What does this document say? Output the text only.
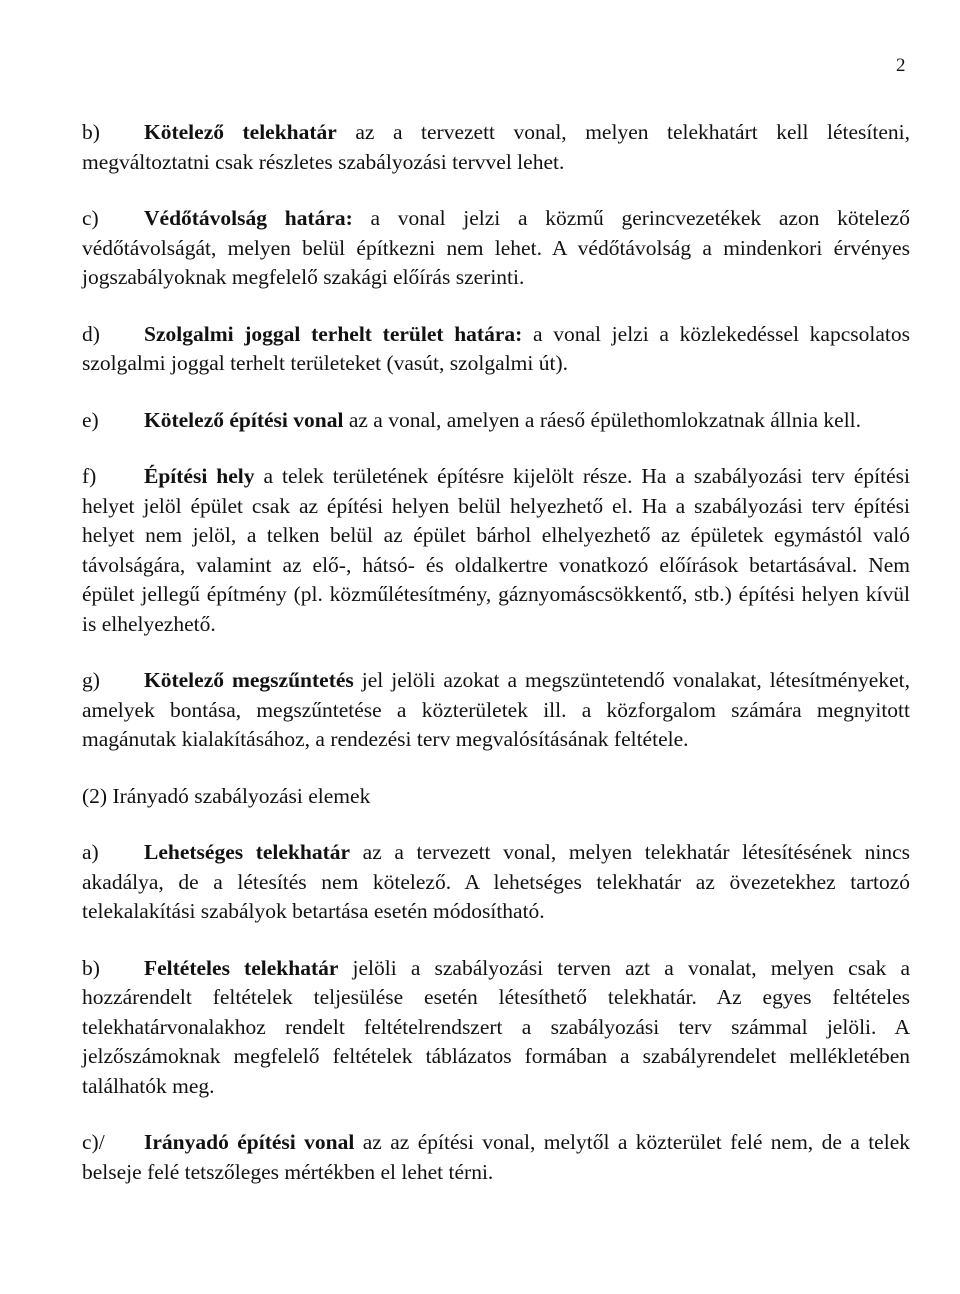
2

b) Kötelező telekhatár az a tervezett vonal, melyen telekhatárt kell létesíteni, megváltoztatni csak részletes szabályozási tervvel lehet.

c) Védőtávolság határa: a vonal jelzi a közmű gerincvezetékek azon kötelező védőtávolságát, melyen belül építkezni nem lehet. A védőtávolság a mindenkori érvényes jogszabályoknak megfelelő szakági előírás szerinti.

d) Szolgalmi joggal terhelt terület határa: a vonal jelzi a közlekedéssel kapcsolatos szolgalmi joggal terhelt területeket (vasút, szolgalmi út).

e) Kötelező építési vonal az a vonal, amelyen a ráeső épülethomlokzatnak állnia kell.

f) Építési hely a telek területének építésre kijelölt része. Ha a szabályozási terv építési helyet jelöl épület csak az építési helyen belül helyezhető el. Ha a szabályozási terv építési helyet nem jelöl, a telken belül az épület bárhol elhelyezhető az épületek egymástól való távolságára, valamint az elő-, hátsó- és oldalkertre vonatkozó előírások betartásával. Nem épület jellegű építmény (pl. közműlétesítmény, gáznyomáscsökkentő, stb.) építési helyen kívül is elhelyezhető.

g) Kötelező megszűntetés jel jelöli azokat a megszüntetendő vonalakat, létesítményeket, amelyek bontása, megszűntetése a közterületek ill. a közforgalom számára megnyitott magánutak kialakításához, a rendezési terv megvalósításának feltétele.

(2) Irányadó szabályozási elemek

a) Lehetséges telekhatár az a tervezett vonal, melyen telekhatár létesítésének nincs akadálya, de a létesítés nem kötelező. A lehetséges telekhatár az övezetekhez tartozó telekalakítási szabályok betartása esetén módosítható.

b) Feltételes telekhatár jelöli a szabályozási terven azt a vonalat, melyen csak a hozzárendelt feltételek teljesülése esetén létesíthető telekhatár. Az egyes feltételes telekhatárvonalakhoz rendelt feltételrendszert a szabályozási terv számmal jelöli. A jelzőszámoknak megfelelő feltételek táblázatos formában a szabályrendelet mellékletében találhatók meg.

c)/ Irányadó építési vonal az az építési vonal, melytől a közterület felé nem, de a telek belseje felé tetszőleges mértékben el lehet térni.
